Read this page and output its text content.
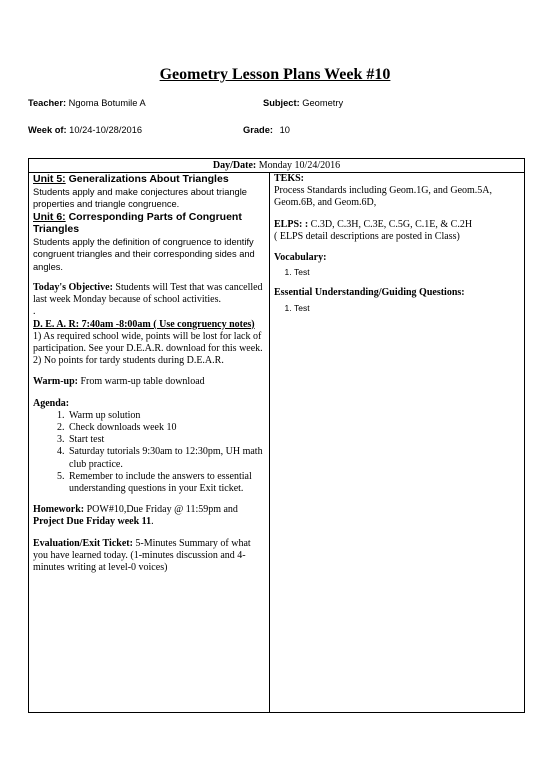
Geometry Lesson Plans Week #10
Teacher: Ngoma Botumile A	Subject: Geometry
Week of: 10/24-10/28/2016	Grade: 10
Day/Date: Monday 10/24/2016
Unit 5: Generalizations About Triangles
Students apply and make conjectures about triangle properties and triangle congruence.
Unit 6: Corresponding Parts of Congruent Triangles
Students apply the definition of congruence to identify congruent triangles and their corresponding sides and angles.
Today's Objective: Students will Test that was cancelled last week Monday because of school activities.
.
D. E. A. R: 7:40am -8:00am ( Use congruency notes)
1) As required school wide, points will be lost for lack of participation. See your D.E.A.R. download for this week.
2) No points for tardy students during D.E.A.R.
Warm-up: From warm-up table download
Agenda:
1. Warm up solution
2. Check downloads week 10
3. Start test
4. Saturday tutorials 9:30am to 12:30pm, UH math club practice.
5. Remember to include the answers to essential understanding questions in your Exit ticket.
Homework: POW#10,Due Friday @ 11:59pm and Project Due Friday week 11.
Evaluation/Exit Ticket: 5-Minutes Summary of what you have learned today. (1-minutes discussion and 4-minutes writing at level-0 voices)
TEKS:
Process Standards including Geom.1G, and Geom.5A, Geom.6B, and Geom.6D,
ELPS: : C.3D, C.3H, C.3E, C.5G, C.1E, & C.2H
( ELPS detail descriptions are posted in Class)
Vocabulary:
1. Test
Essential Understanding/Guiding Questions:
1. Test
